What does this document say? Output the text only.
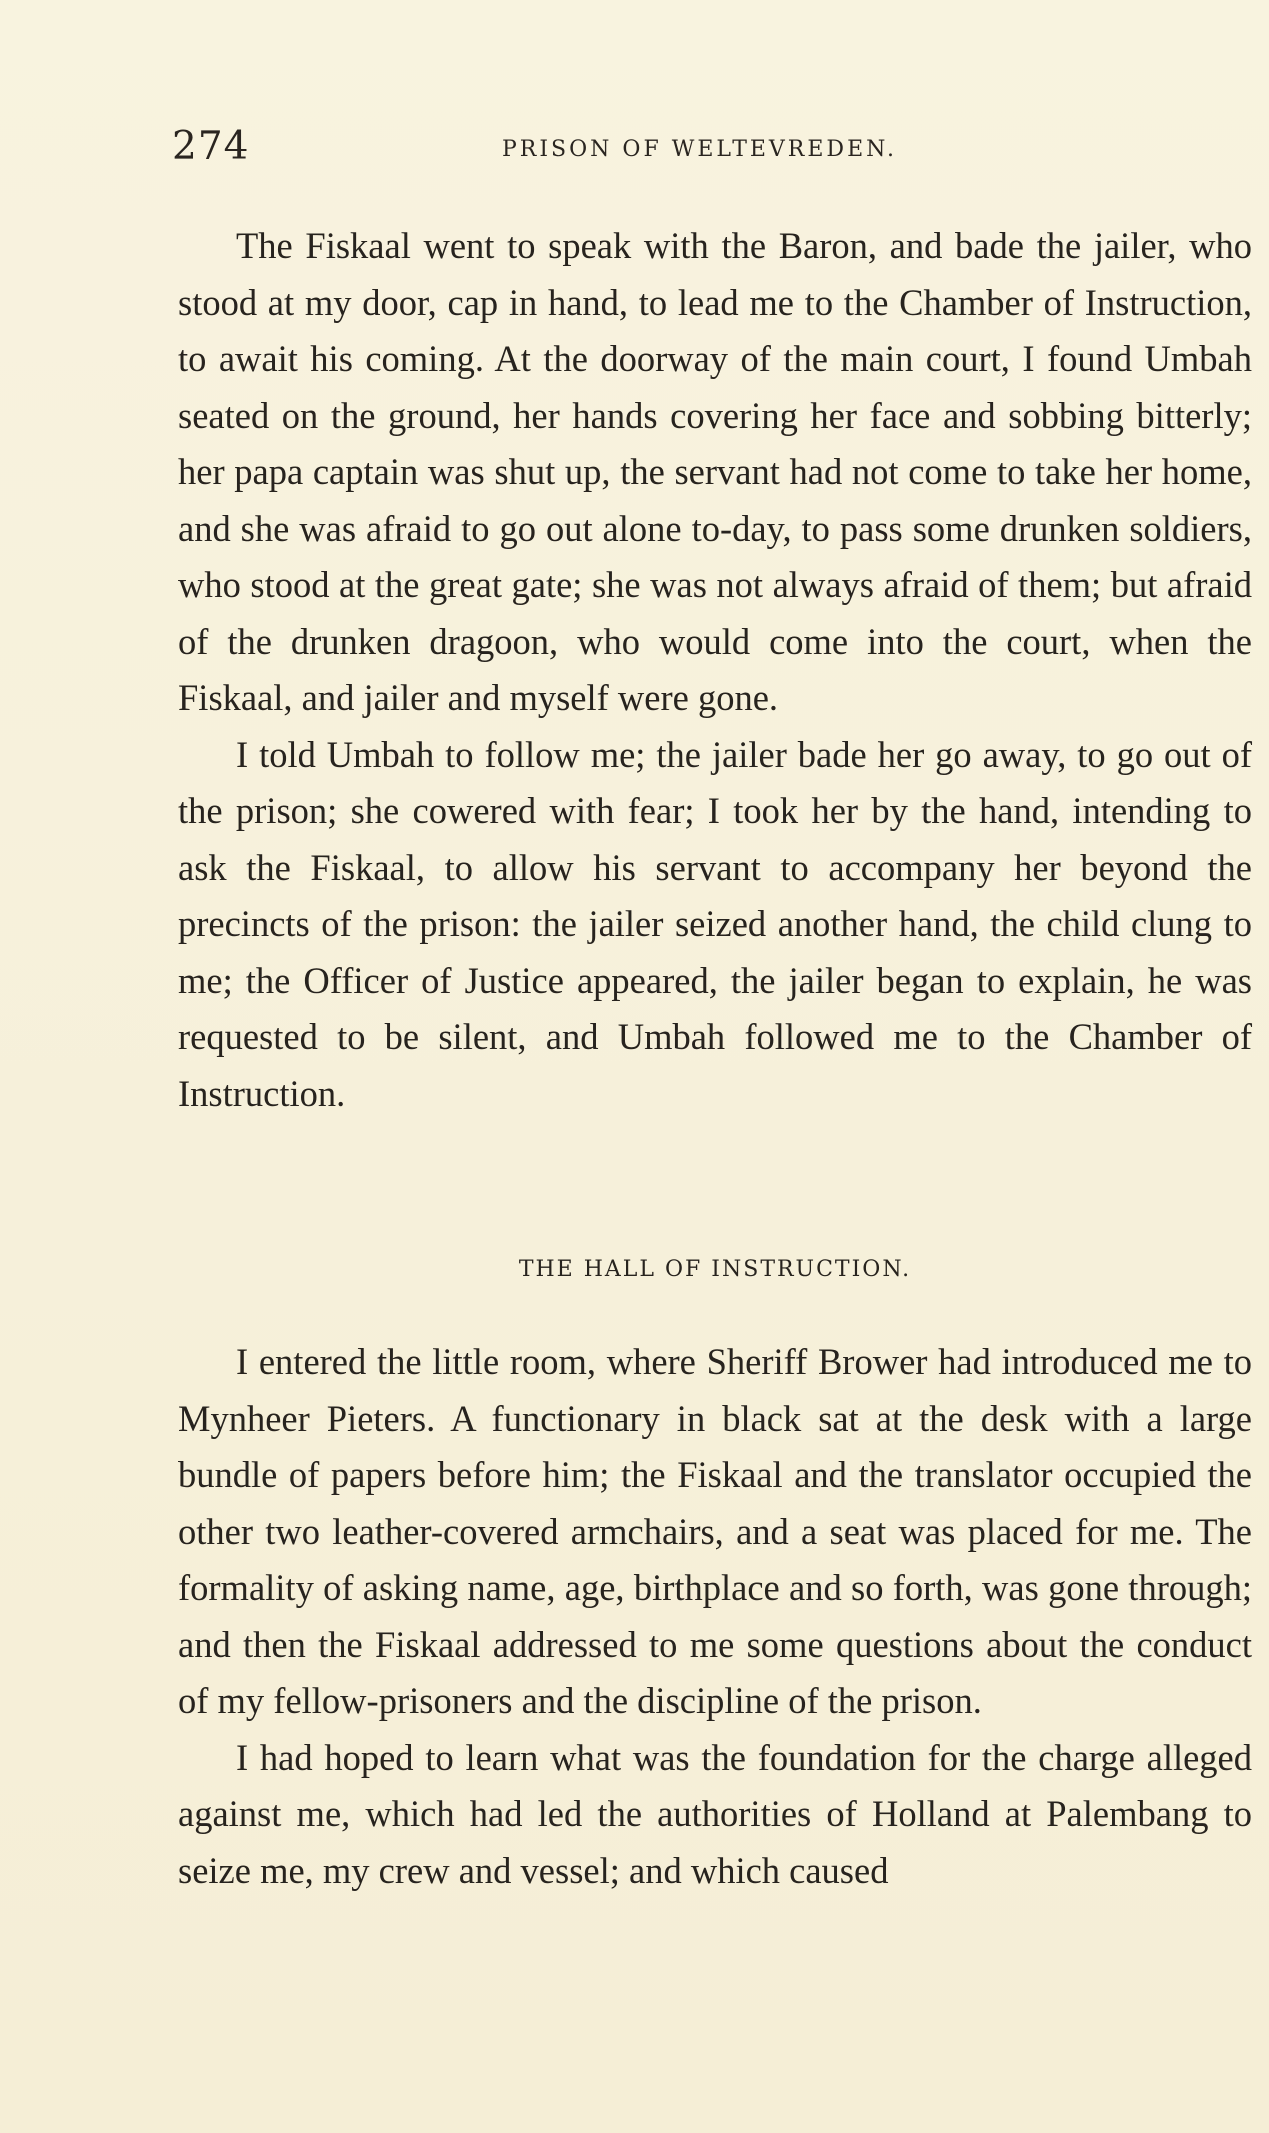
274	PRISON OF WELTEVREDEN.

The Fiskaal went to speak with the Baron, and bade the jailer, who stood at my door, cap in hand, to lead me to the Chamber of Instruction, to await his coming. At the doorway of the main court, I found Umbah seated on the ground, her hands covering her face and sobbing bitterly; her papa captain was shut up, the servant had not come to take her home, and she was afraid to go out alone to-day, to pass some drunken soldiers, who stood at the great gate; she was not always afraid of them; but afraid of the drunken dragoon, who would come into the court, when the Fiskaal, and jailer and myself were gone.

I told Umbah to follow me; the jailer bade her go away, to go out of the prison; she cowered with fear; I took her by the hand, intending to ask the Fiskaal, to allow his servant to accompany her beyond the precincts of the prison: the jailer seized another hand, the child clung to me; the Officer of Justice appeared, the jailer began to explain, he was requested to be silent, and Umbah followed me to the Chamber of Instruction.

THE HALL OF INSTRUCTION.

I entered the little room, where Sheriff Brower had introduced me to Mynheer Pieters. A functionary in black sat at the desk with a large bundle of papers before him; the Fiskaal and the translator occupied the other two leather-covered armchairs, and a seat was placed for me. The formality of asking name, age, birthplace and so forth, was gone through; and then the Fiskaal addressed to me some questions about the conduct of my fellow-prisoners and the discipline of the prison.

I had hoped to learn what was the foundation for the charge alleged against me, which had led the authorities of Holland at Palembang to seize me, my crew and vessel; and which caused
